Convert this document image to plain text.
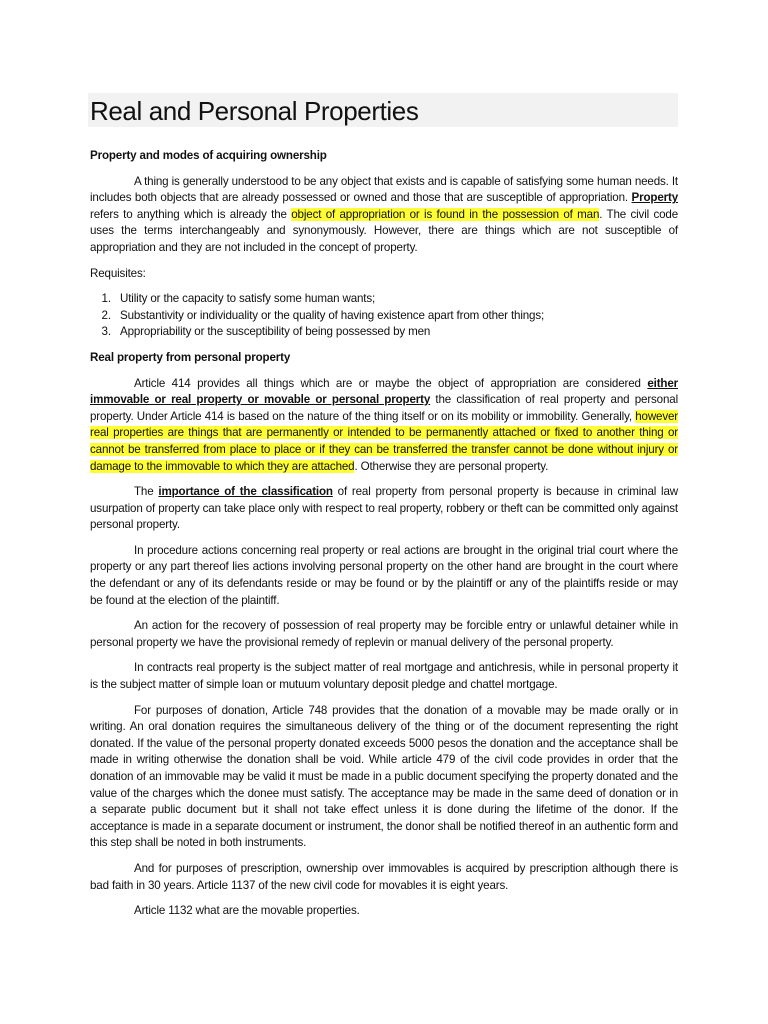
Real and Personal Properties
Property and modes of acquiring ownership

A thing is generally understood to be any object that exists and is capable of satisfying some human needs. It includes both objects that are already possessed or owned and those that are susceptible of appropriation. Property refers to anything which is already the object of appropriation or is found in the possession of man. The civil code uses the terms interchangeably and synonymously. However, there are things which are not susceptible of appropriation and they are not included in the concept of property.

Requisites:

1. Utility or the capacity to satisfy some human wants;
2. Substantivity or individuality or the quality of having existence apart from other things;
3. Appropriability or the susceptibility of being possessed by men
Real property from personal property

Article 414 provides all things which are or maybe the object of appropriation are considered either immovable or real property or movable or personal property the classification of real property and personal property. Under Article 414 is based on the nature of the thing itself or on its mobility or immobility. Generally, however real properties are things that are permanently or intended to be permanently attached or fixed to another thing or cannot be transferred from place to place or if they can be transferred the transfer cannot be done without injury or damage to the immovable to which they are attached. Otherwise they are personal property.

The importance of the classification of real property from personal property is because in criminal law usurpation of property can take place only with respect to real property, robbery or theft can be committed only against personal property.

In procedure actions concerning real property or real actions are brought in the original trial court where the property or any part thereof lies actions involving personal property on the other hand are brought in the court where the defendant or any of its defendants reside or may be found or by the plaintiff or any of the plaintiffs reside or may be found at the election of the plaintiff.

An action for the recovery of possession of real property may be forcible entry or unlawful detainer while in personal property we have the provisional remedy of replevin or manual delivery of the personal property.

In contracts real property is the subject matter of real mortgage and antichresis, while in personal property it is the subject matter of simple loan or mutuum voluntary deposit pledge and chattel mortgage.

For purposes of donation, Article 748 provides that the donation of a movable may be made orally or in writing. An oral donation requires the simultaneous delivery of the thing or of the document representing the right donated. If the value of the personal property donated exceeds 5000 pesos the donation and the acceptance shall be made in writing otherwise the donation shall be void. While article 479 of the civil code provides in order that the donation of an immovable may be valid it must be made in a public document specifying the property donated and the value of the charges which the donee must satisfy. The acceptance may be made in the same deed of donation or in a separate public document but it shall not take effect unless it is done during the lifetime of the donor. If the acceptance is made in a separate document or instrument, the donor shall be notified thereof in an authentic form and this step shall be noted in both instruments.

And for purposes of prescription, ownership over immovables is acquired by prescription although there is bad faith in 30 years. Article 1137 of the new civil code for movables it is eight years.

Article 1132 what are the movable properties.
